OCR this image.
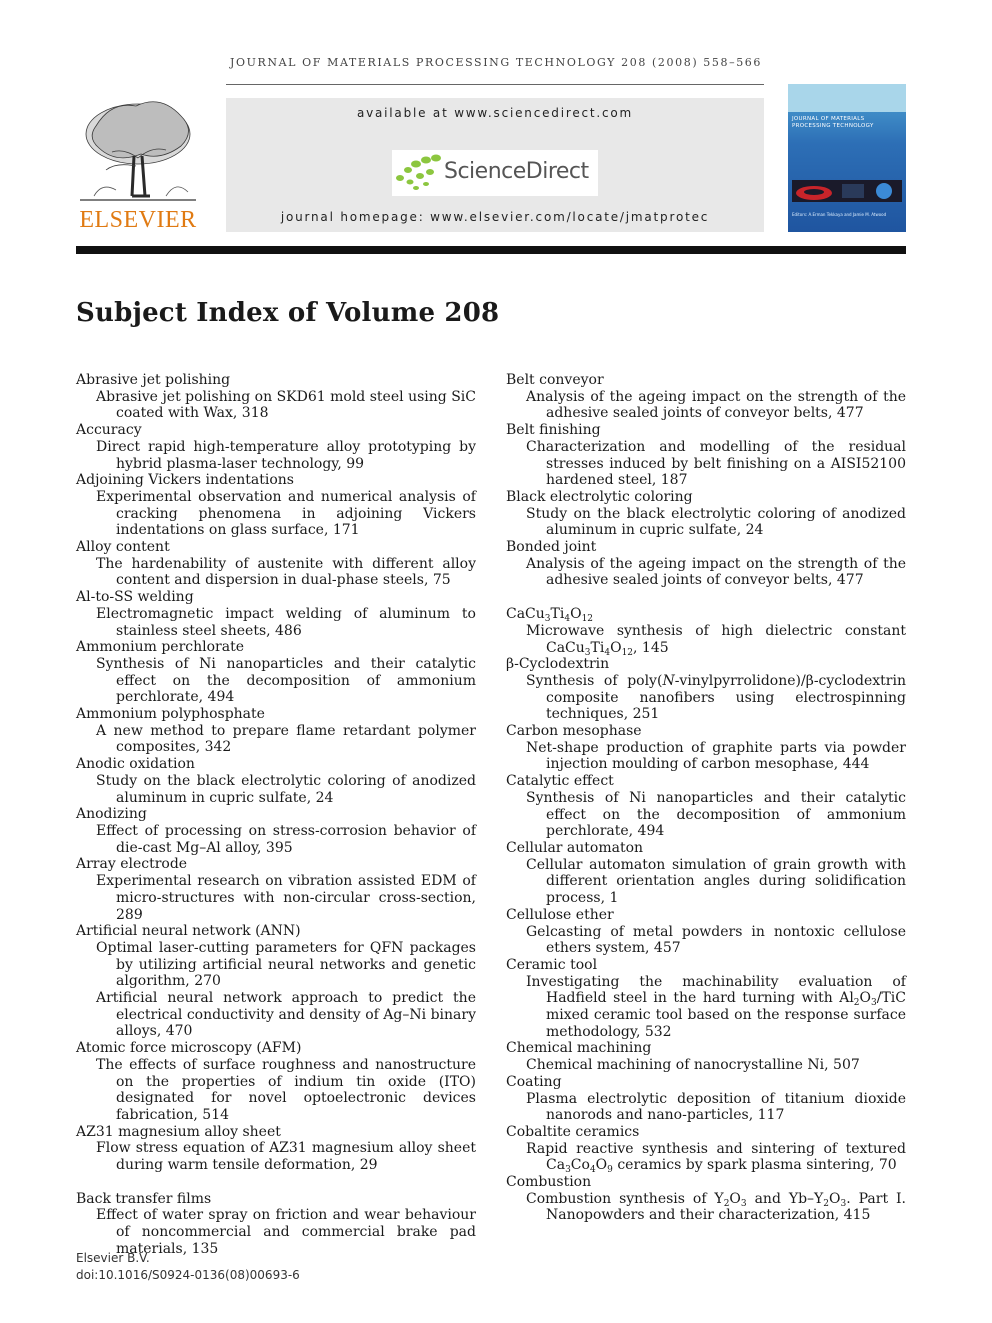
JOURNAL OF MATERIALS PROCESSING TECHNOLOGY 208 (2008) 558–566
ELSEVIER
available at www.sciencedirect.com
ScienceDirect
journal homepage: www.elsevier.com/locate/jmatprotec
JOURNAL OF MATERIALS PROCESSING TECHNOLOGY
Editors: A.Erman Tekkaya and Jamie M. Atwood
Subject Index of Volume 208

Abrasive jet polishing

Abrasive jet polishing on SKD61 mold steel using SiC coated with Wax, 318

Accuracy

Direct rapid high-temperature alloy prototyping by hybrid plasma-laser technology, 99

Adjoining Vickers indentations

Experimental observation and numerical analysis of cracking phenomena in adjoining Vickers indentations on glass surface, 171

Alloy content

The hardenability of austenite with different alloy content and dispersion in dual-phase steels, 75

Al-to-SS welding

Electromagnetic impact welding of aluminum to stainless steel sheets, 486

Ammonium perchlorate

Synthesis of Ni nanoparticles and their catalytic effect on the decomposition of ammonium perchlorate, 494

Ammonium polyphosphate

A new method to prepare flame retardant polymer composites, 342

Anodic oxidation

Study on the black electrolytic coloring of anodized aluminum in cupric sulfate, 24

Anodizing

Effect of processing on stress-corrosion behavior of die-cast Mg–Al alloy, 395

Array electrode

Experimental research on vibration assisted EDM of micro-structures with non-circular cross-section, 289

Artificial neural network (ANN)

Optimal laser-cutting parameters for QFN packages by utilizing artificial neural networks and genetic algorithm, 270

Artificial neural network approach to predict the electrical conductivity and density of Ag–Ni binary alloys, 470

Atomic force microscopy (AFM)

The effects of surface roughness and nanostructure on the properties of indium tin oxide (ITO) designated for novel optoelectronic devices fabrication, 514

AZ31 magnesium alloy sheet

Flow stress equation of AZ31 magnesium alloy sheet during warm tensile deformation, 29

Back transfer films

Effect of water spray on friction and wear behaviour of noncommercial and commercial brake pad materials, 135

Belt conveyor

Analysis of the ageing impact on the strength of the adhesive sealed joints of conveyor belts, 477

Belt finishing

Characterization and modelling of the residual stresses induced by belt finishing on a AISI52100 hardened steel, 187

Black electrolytic coloring

Study on the black electrolytic coloring of anodized aluminum in cupric sulfate, 24

Bonded joint

Analysis of the ageing impact on the strength of the adhesive sealed joints of conveyor belts, 477

$CaCu_3Ti_4O_{12}$

Microwave synthesis of high dielectric constant $CaCu_3Ti_4O_{12}$, 145

β-Cyclodextrin

Synthesis of poly(N-vinylpyrrolidone)/β-cyclodextrin composite nanofibers using electrospinning techniques, 251

Carbon mesophase

Net-shape production of graphite parts via powder injection moulding of carbon mesophase, 444

Catalytic effect

Synthesis of Ni nanoparticles and their catalytic effect on the decomposition of ammonium perchlorate, 494

Cellular automaton

Cellular automaton simulation of grain growth with different orientation angles during solidification process, 1

Cellulose ether

Gelcasting of metal powders in nontoxic cellulose ethers system, 457

Ceramic tool

Investigating the machinability evaluation of Hadfield steel in the hard turning with $Al_2O_3$/TiC mixed ceramic tool based on the response surface methodology, 532

Chemical machining

Chemical machining of nanocrystalline Ni, 507

Coating

Plasma electrolytic deposition of titanium dioxide nanorods and nano-particles, 117

Cobaltite ceramics

Rapid reactive synthesis and sintering of textured $Ca_3Co_4O_9$ ceramics by spark plasma sintering, 70

Combustion

Combustion synthesis of $Y_2O_3$ and $Yb-Y_2O_3$. Part I. Nanopowders and their characterization, 415

Elsevier B.V.
doi:10.1016/S0924-0136(08)00693-6
